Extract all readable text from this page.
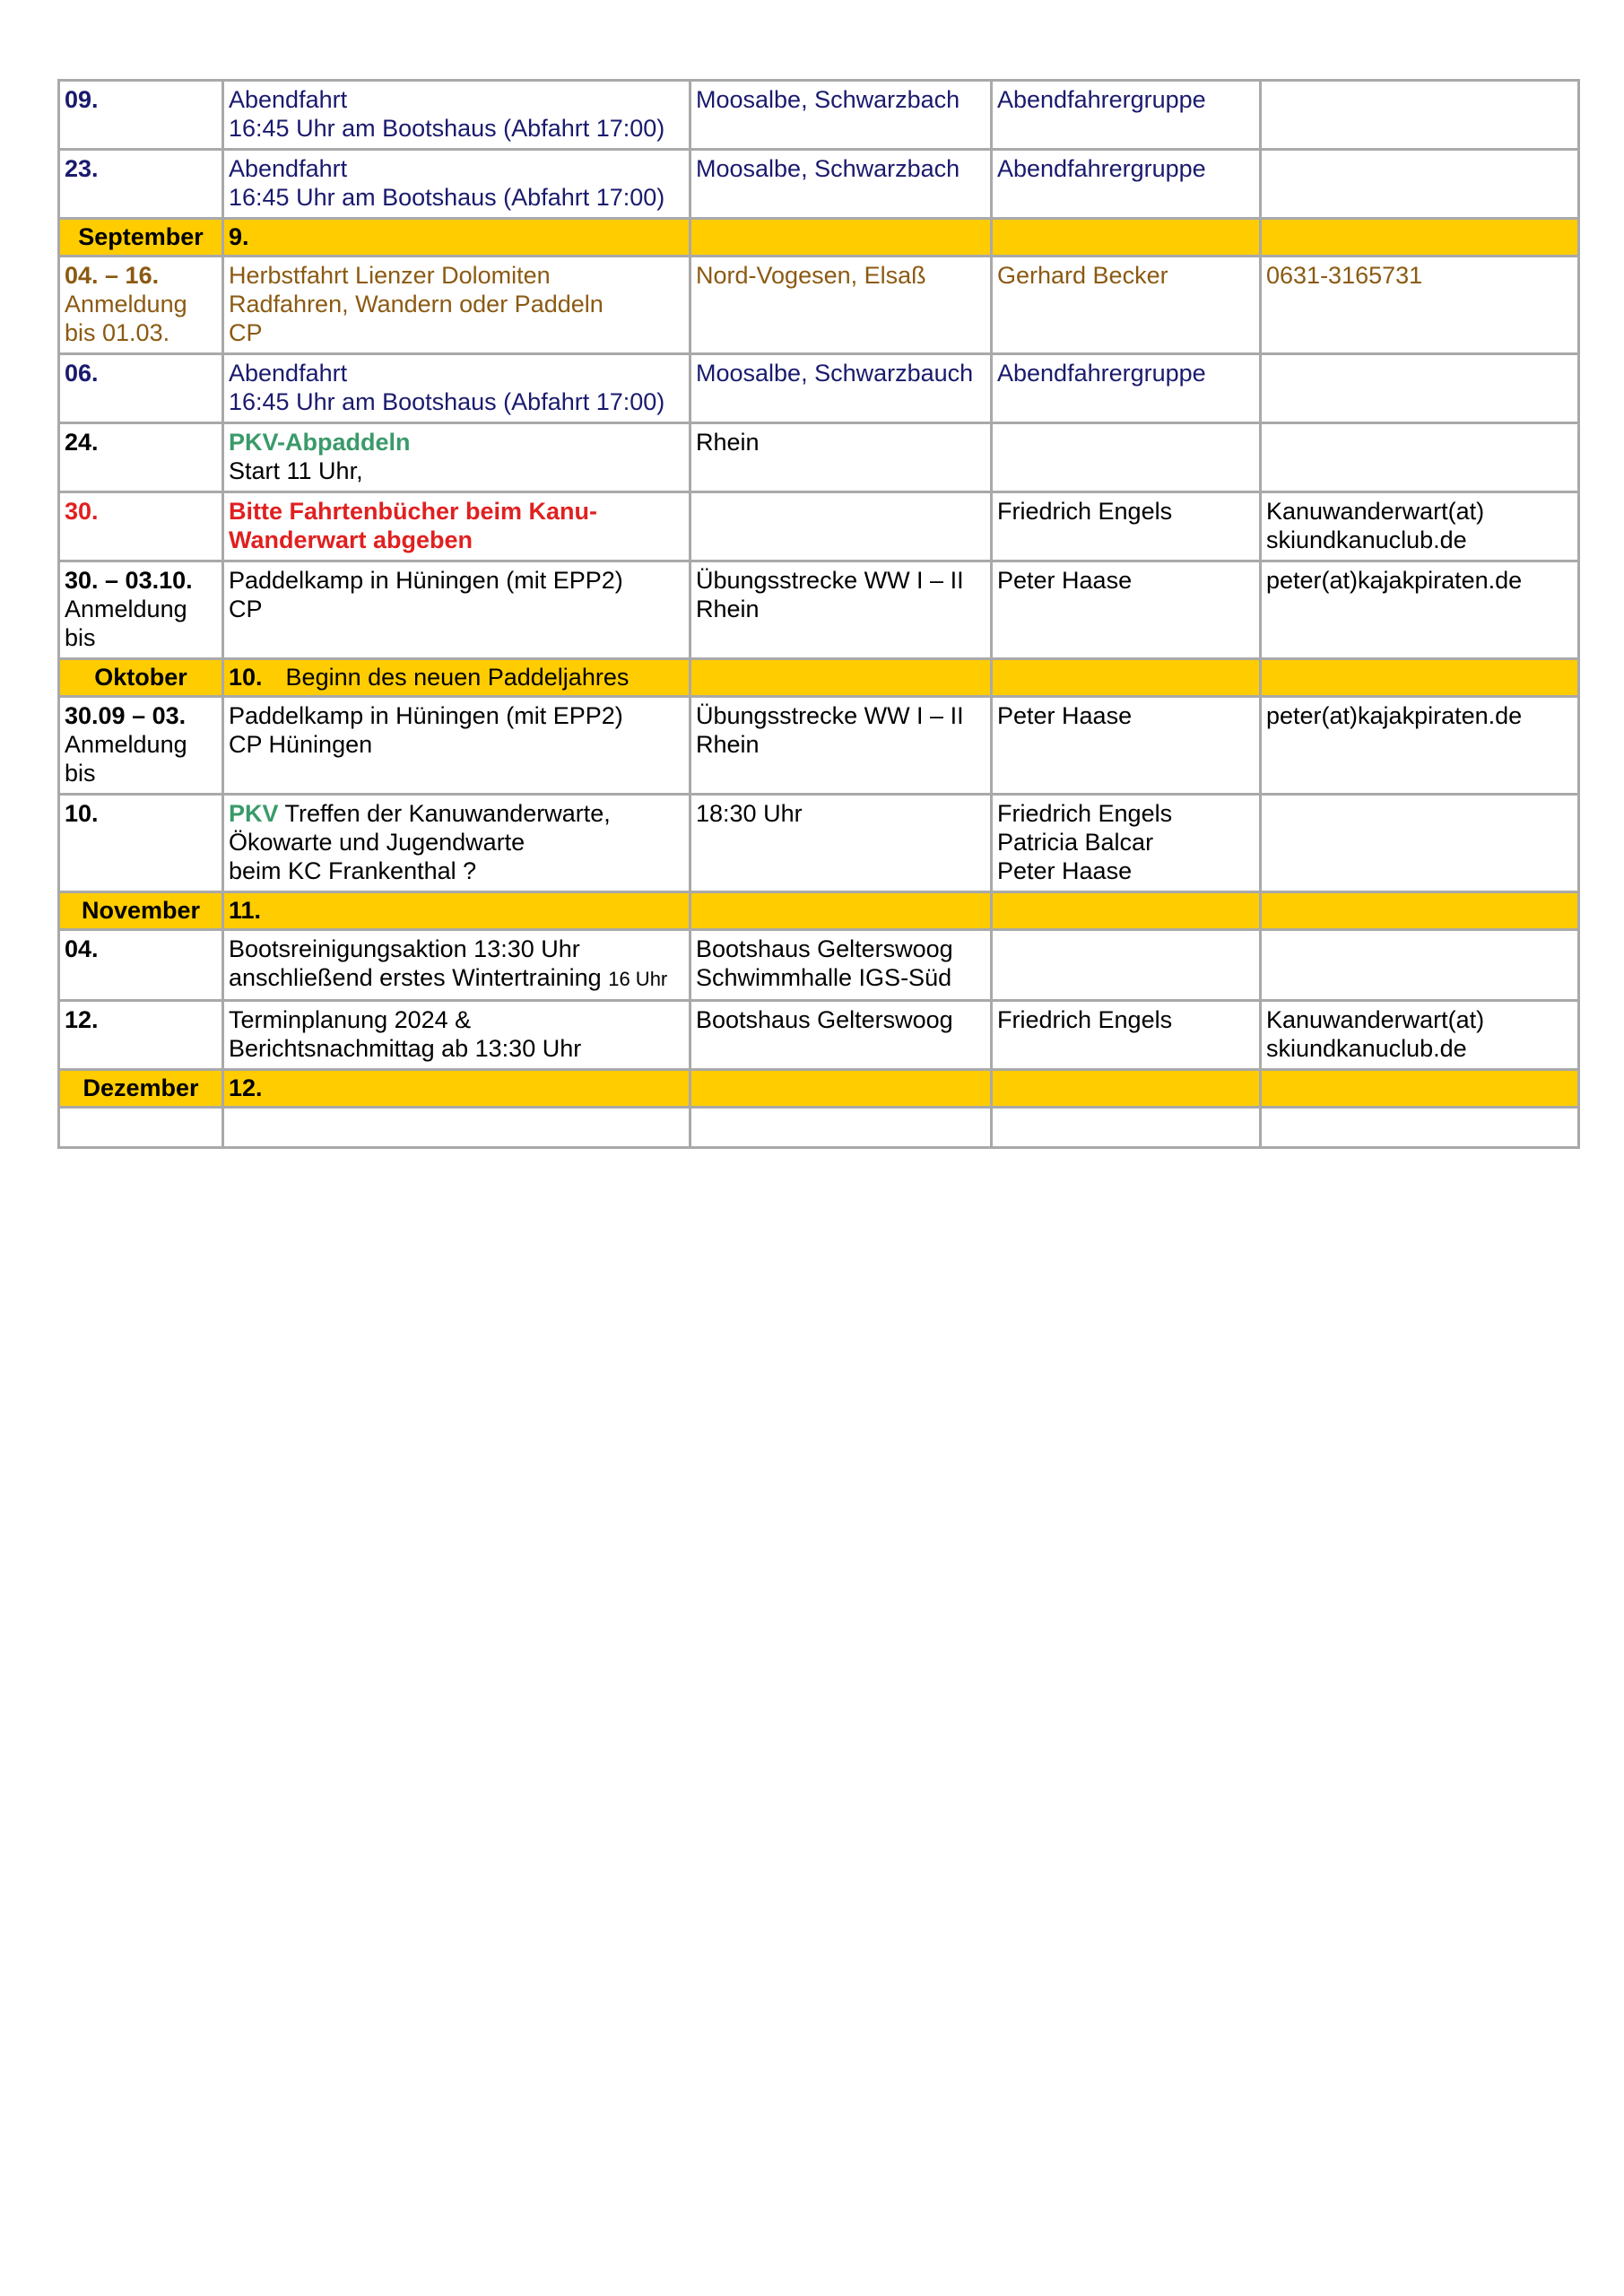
09.	Abendfahrt
16:45 Uhr am Bootshaus (Abfahrt 17:00)	Moosalbe, Schwarzbach	Abendfahrergruppe	
23.	Abendfahrt
16:45 Uhr am Bootshaus (Abfahrt 17:00)	Moosalbe, Schwarzbach	Abendfahrergruppe	
September	9.			

04. – 16.
Anmeldung
bis 01.03.	Herbstfahrt Lienzer Dolomiten
Radfahren, Wandern oder Paddeln
CP	Nord-Vogesen, Elsaß	Gerhard Becker	0631-3165731
06.	Abendfahrt
16:45 Uhr am Bootshaus (Abfahrt 17:00)	Moosalbe, Schwarzbauch	Abendfahrergruppe	
24.	PKV-Abpaddeln
Start 11 Uhr,	Rhein		
30.	Bitte Fahrtenbücher beim Kanu-
Wanderwart abgeben		Friedrich Engels	Kanuwanderwart(at)
skiundkanuclub.de

30. – 03.10.
Anmeldung
bis	Paddelkamp in Hüningen (mit EPP2)
CP	Übungsstrecke WW I – II
Rhein	Peter Haase	peter(at)kajakpiraten.de
Oktober	10. Beginn des neuen Paddeljahres			

30.09 – 03.
Anmeldung
bis	Paddelkamp in Hüningen (mit EPP2)
CP Hüningen	Übungsstrecke WW I – II
Rhein	Peter Haase	peter(at)kajakpiraten.de
10.	PKV Treffen der Kanuwanderwarte,
Ökowarte und Jugendwarte
beim KC Frankenthal ?	18:30 Uhr	Friedrich Engels
Patricia Balcar
Peter Haase	

November	11.			
04.	Bootsreinigungsaktion 13:30 Uhr
anschließend erstes Wintertraining 16 Uhr	Bootshaus Gelterswoog
Schwimmhalle IGS-Süd		

12.	Terminplanung 2024 &
Berichtsnachmittag ab 13:30 Uhr	Bootshaus Gelterswoog	Friedrich Engels	Kanuwanderwart(at)
skiundkanuclub.de

Dezember	12.			
